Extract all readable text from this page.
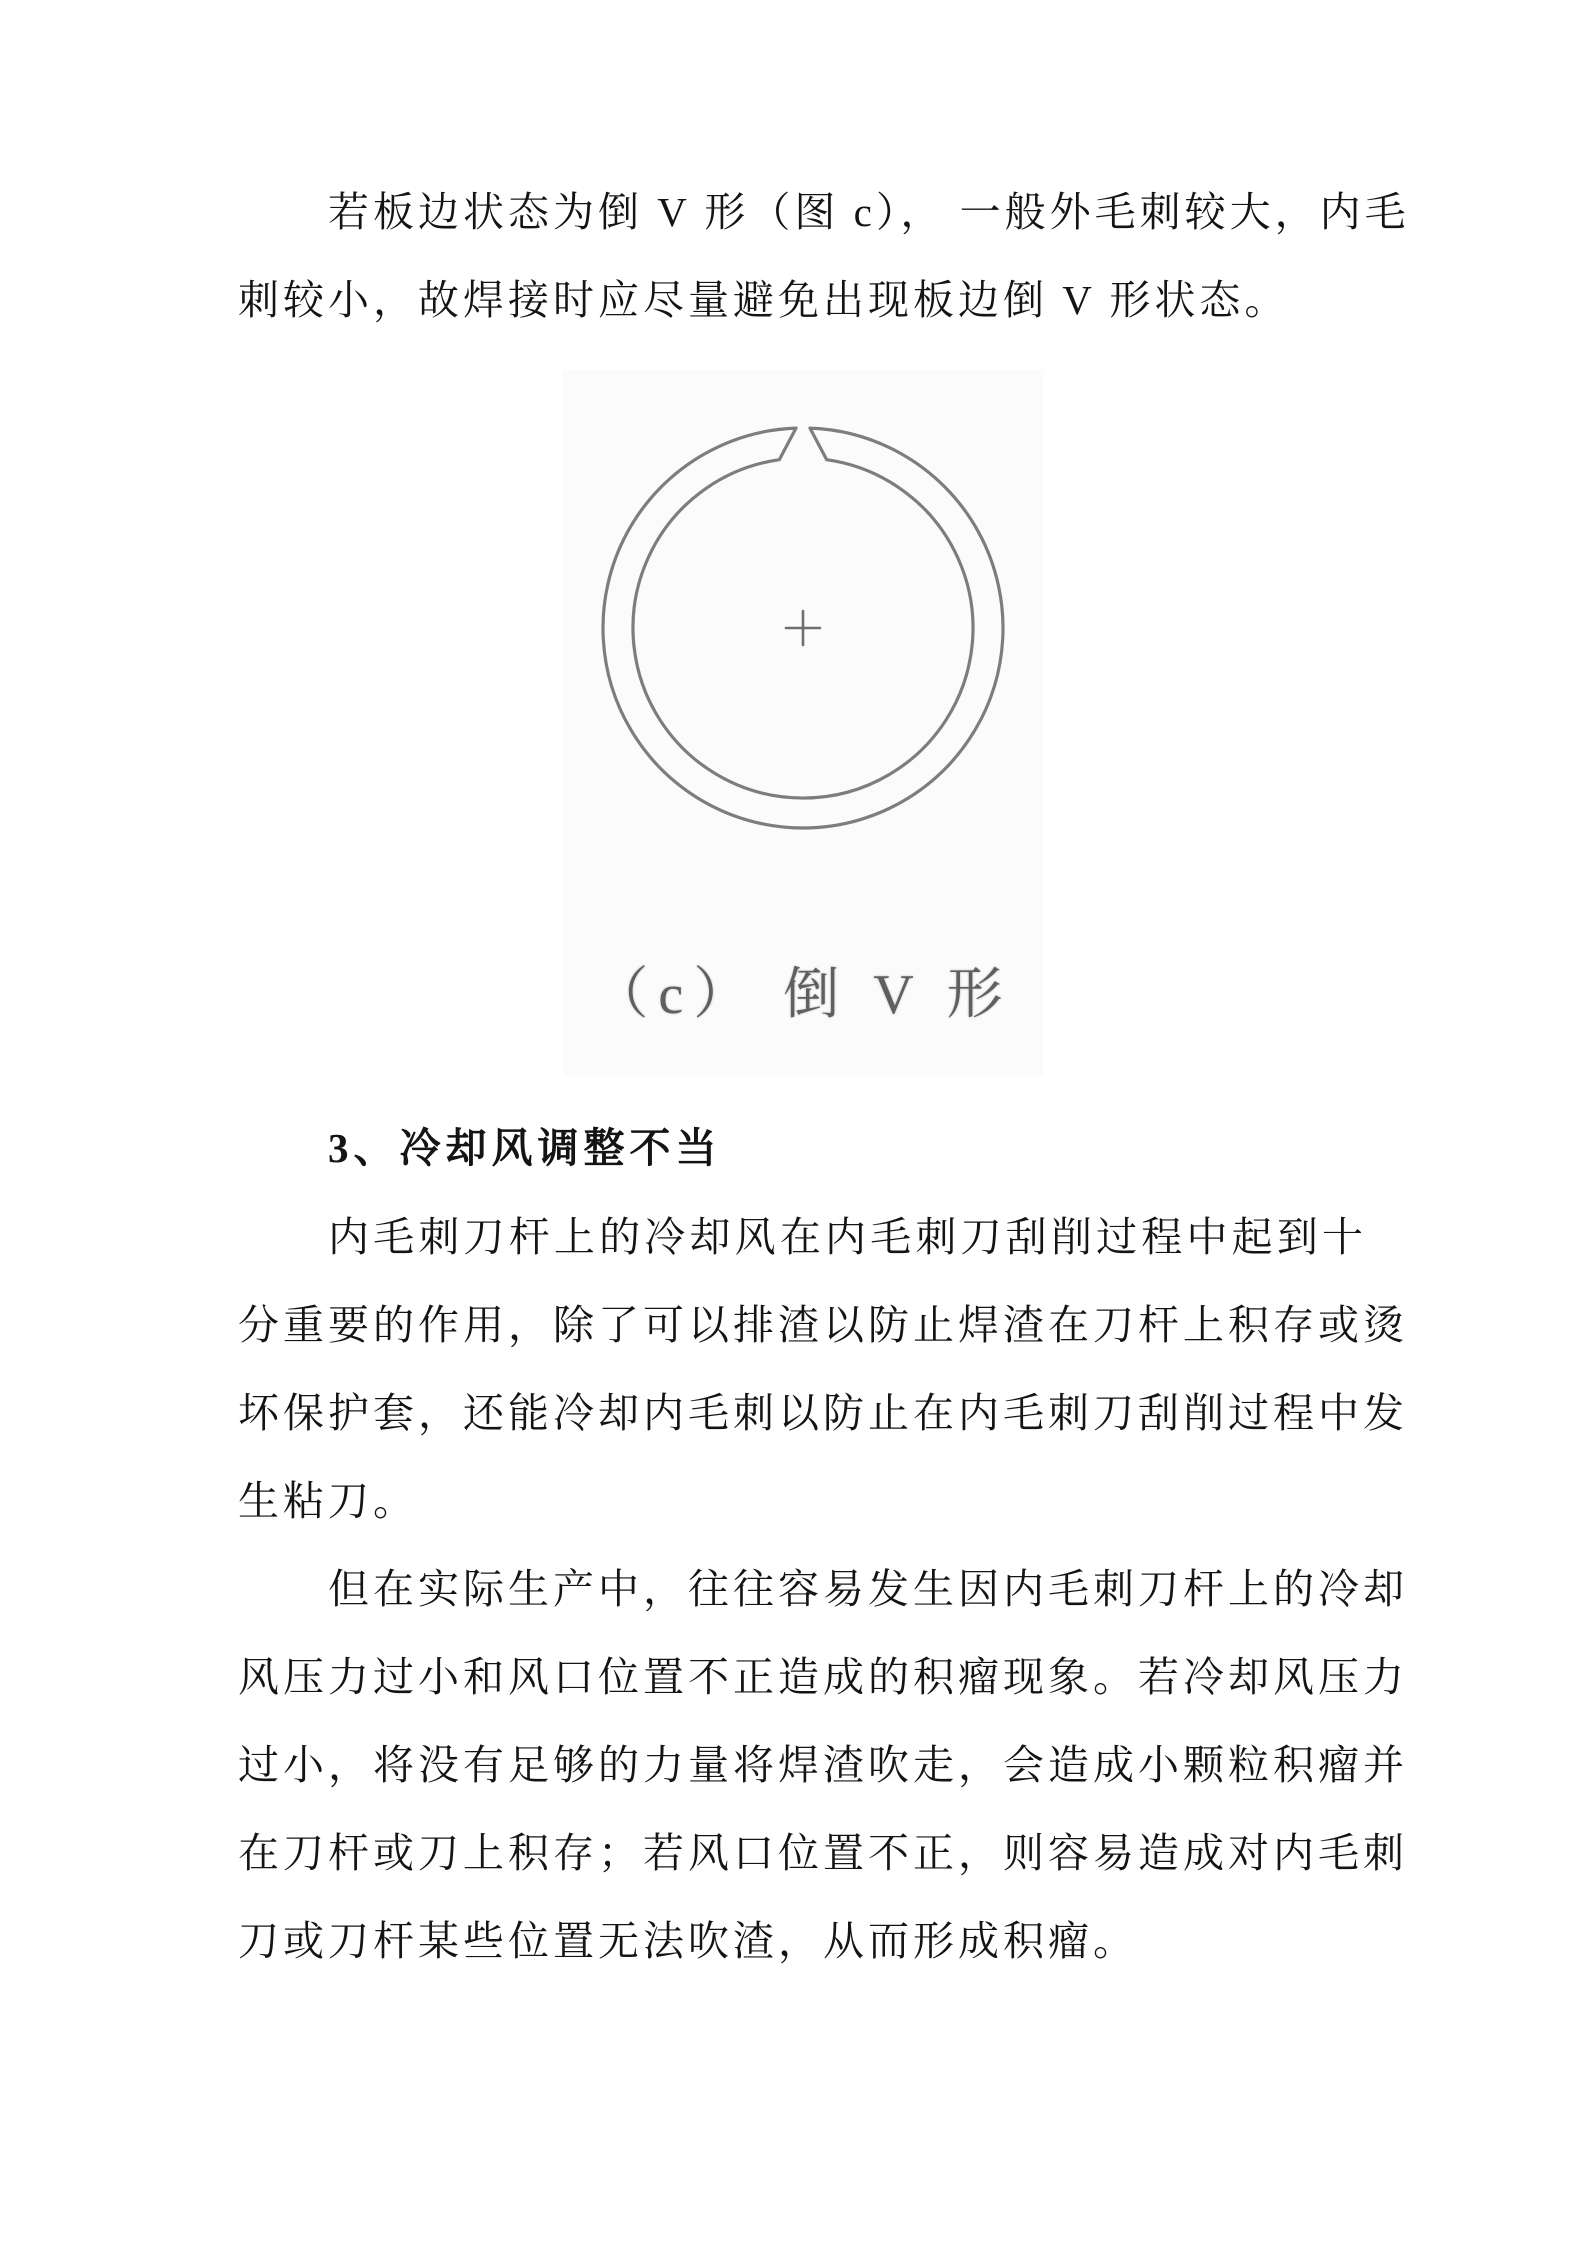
若板边状态为倒 V 形（图 c）， 一般外毛刺较大，内毛
刺较小，故焊接时应尽量避免出现板边倒 V 形状态。
（c） 倒 V 形
3、冷却风调整不当
内毛刺刀杆上的冷却风在内毛刺刀刮削过程中起到十
分重要的作用，除了可以排渣以防止焊渣在刀杆上积存或烫
坏保护套，还能冷却内毛刺以防止在内毛刺刀刮削过程中发
生粘刀。
但在实际生产中，往往容易发生因内毛刺刀杆上的冷却
风压力过小和风口位置不正造成的积瘤现象。若冷却风压力
过小，将没有足够的力量将焊渣吹走，会造成小颗粒积瘤并
在刀杆或刀上积存；若风口位置不正，则容易造成对内毛刺
刀或刀杆某些位置无法吹渣，从而形成积瘤。
